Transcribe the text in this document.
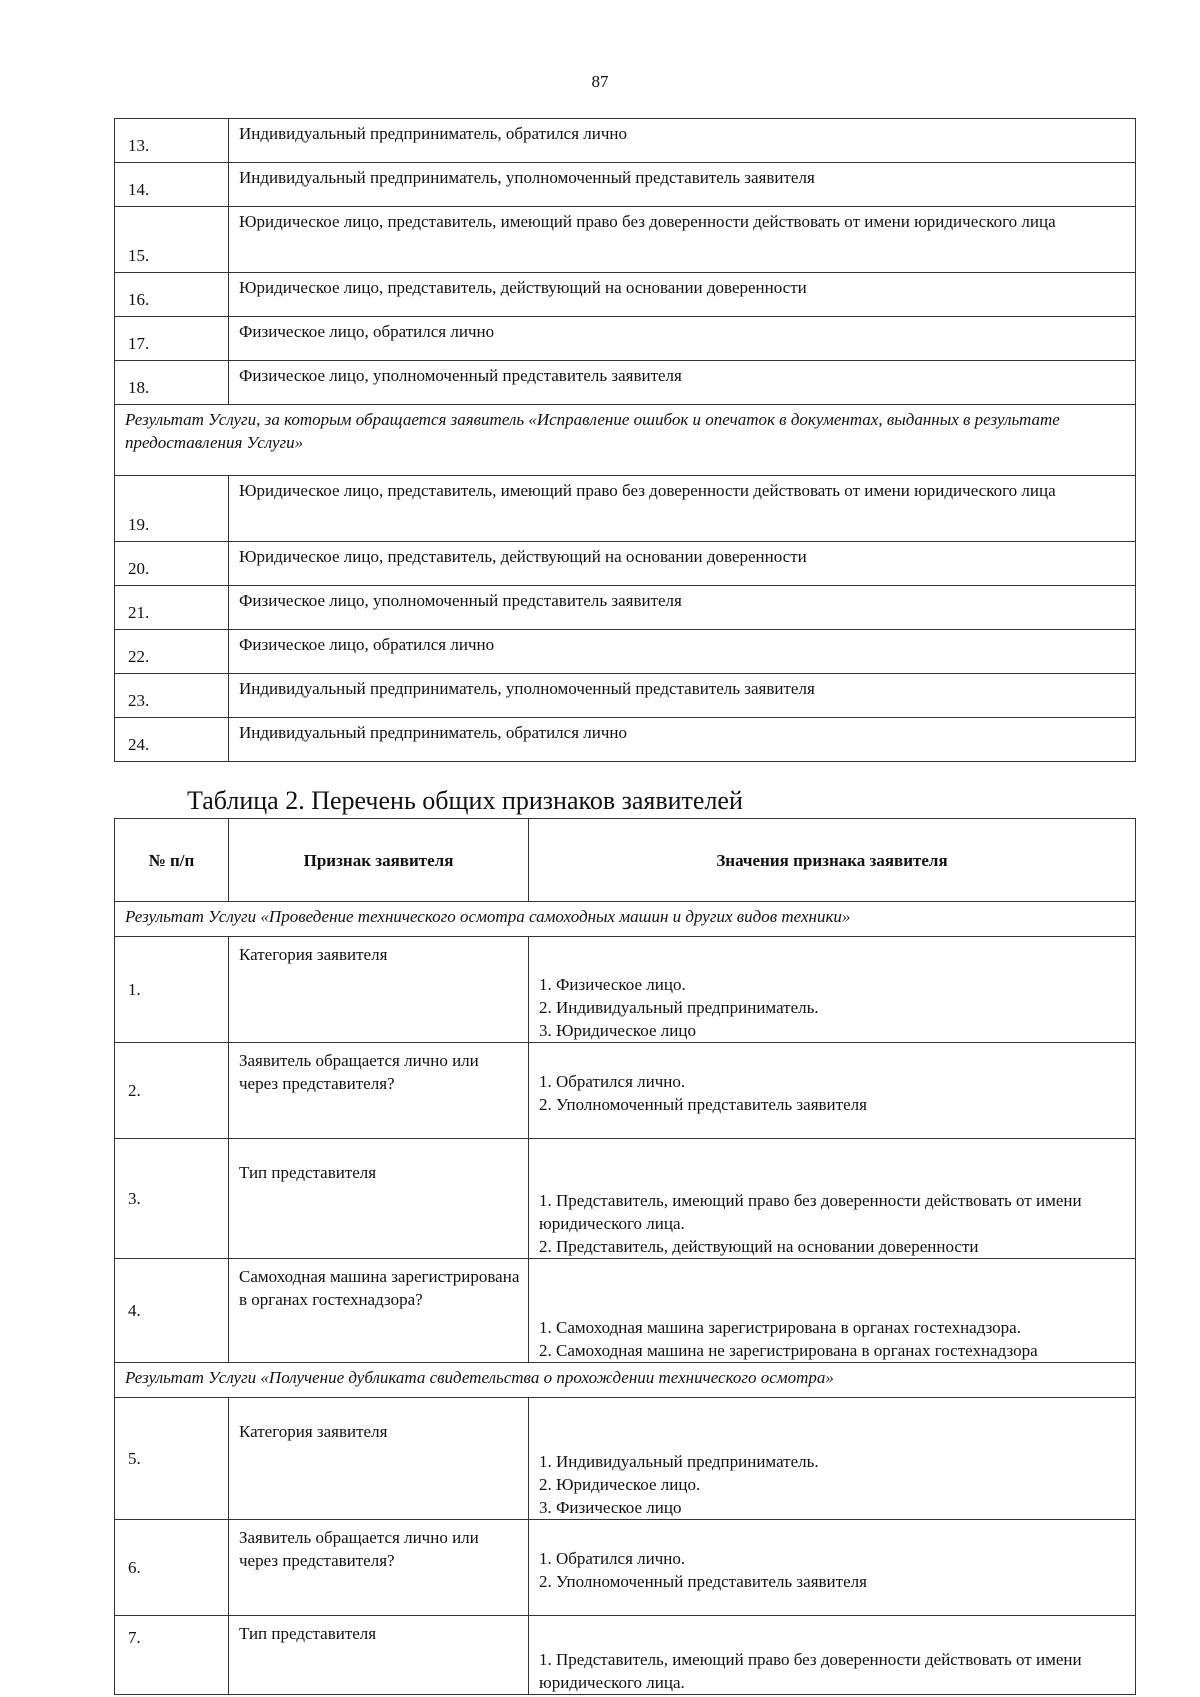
87
13.	Индивидуальный предприниматель, обратился лично
14.	Индивидуальный предприниматель, уполномоченный представитель заявителя
15.	Юридическое лицо, представитель, имеющий право без доверенности действовать от имени юридического лица
16.	Юридическое лицо, представитель, действующий на основании доверенности
17.	Физическое лицо, обратился лично
18.	Физическое лицо, уполномоченный представитель заявителя
Результат Услуги, за которым обращается заявитель «Исправление ошибок и опечаток в документах, выданных в результате предоставления Услуги»	
19.	Юридическое лицо, представитель, имеющий право без доверенности действовать от имени юридического лица
20.	Юридическое лицо, представитель, действующий на основании доверенности
21.	Физическое лицо, уполномоченный представитель заявителя
22.	Физическое лицо, обратился лично
23.	Индивидуальный предприниматель, уполномоченный представитель заявителя
24.	Индивидуальный предприниматель, обратился лично
Таблица 2. Перечень общих признаков заявителей
№ п/п	Признак заявителя	Значения признака заявителя
Результат Услуги «Проведение технического осмотра самоходных машин и других видов техники»		
1.	Категория заявителя	1. Физическое лицо.
2. Индивидуальный предприниматель.
3. Юридическое лицо

2.	Заявитель обращается лично или через представителя?	1. Обратился лично.
2. Уполномоченный представитель заявителя

3.	Тип представителя	1. Представитель, имеющий право без доверенности действовать от имени юридического лица.
2. Представитель, действующий на основании доверенности

4.	Самоходная машина зарегистрирована в органах гостехнадзора?	1. Самоходная машина зарегистрирована в органах гостехнадзора.
2. Самоходная машина не зарегистрирована в органах гостехнадзора

Результат Услуги «Получение дубликата свидетельства о прохождении технического осмотра»		
5.	Категория заявителя	1. Индивидуальный предприниматель.
2. Юридическое лицо.
3. Физическое лицо

6.	Заявитель обращается лично или через представителя?	1. Обратился лично.
2. Уполномоченный представитель заявителя

7.	Тип представителя	1. Представитель, имеющий право без доверенности действовать от имени юридического лица.
